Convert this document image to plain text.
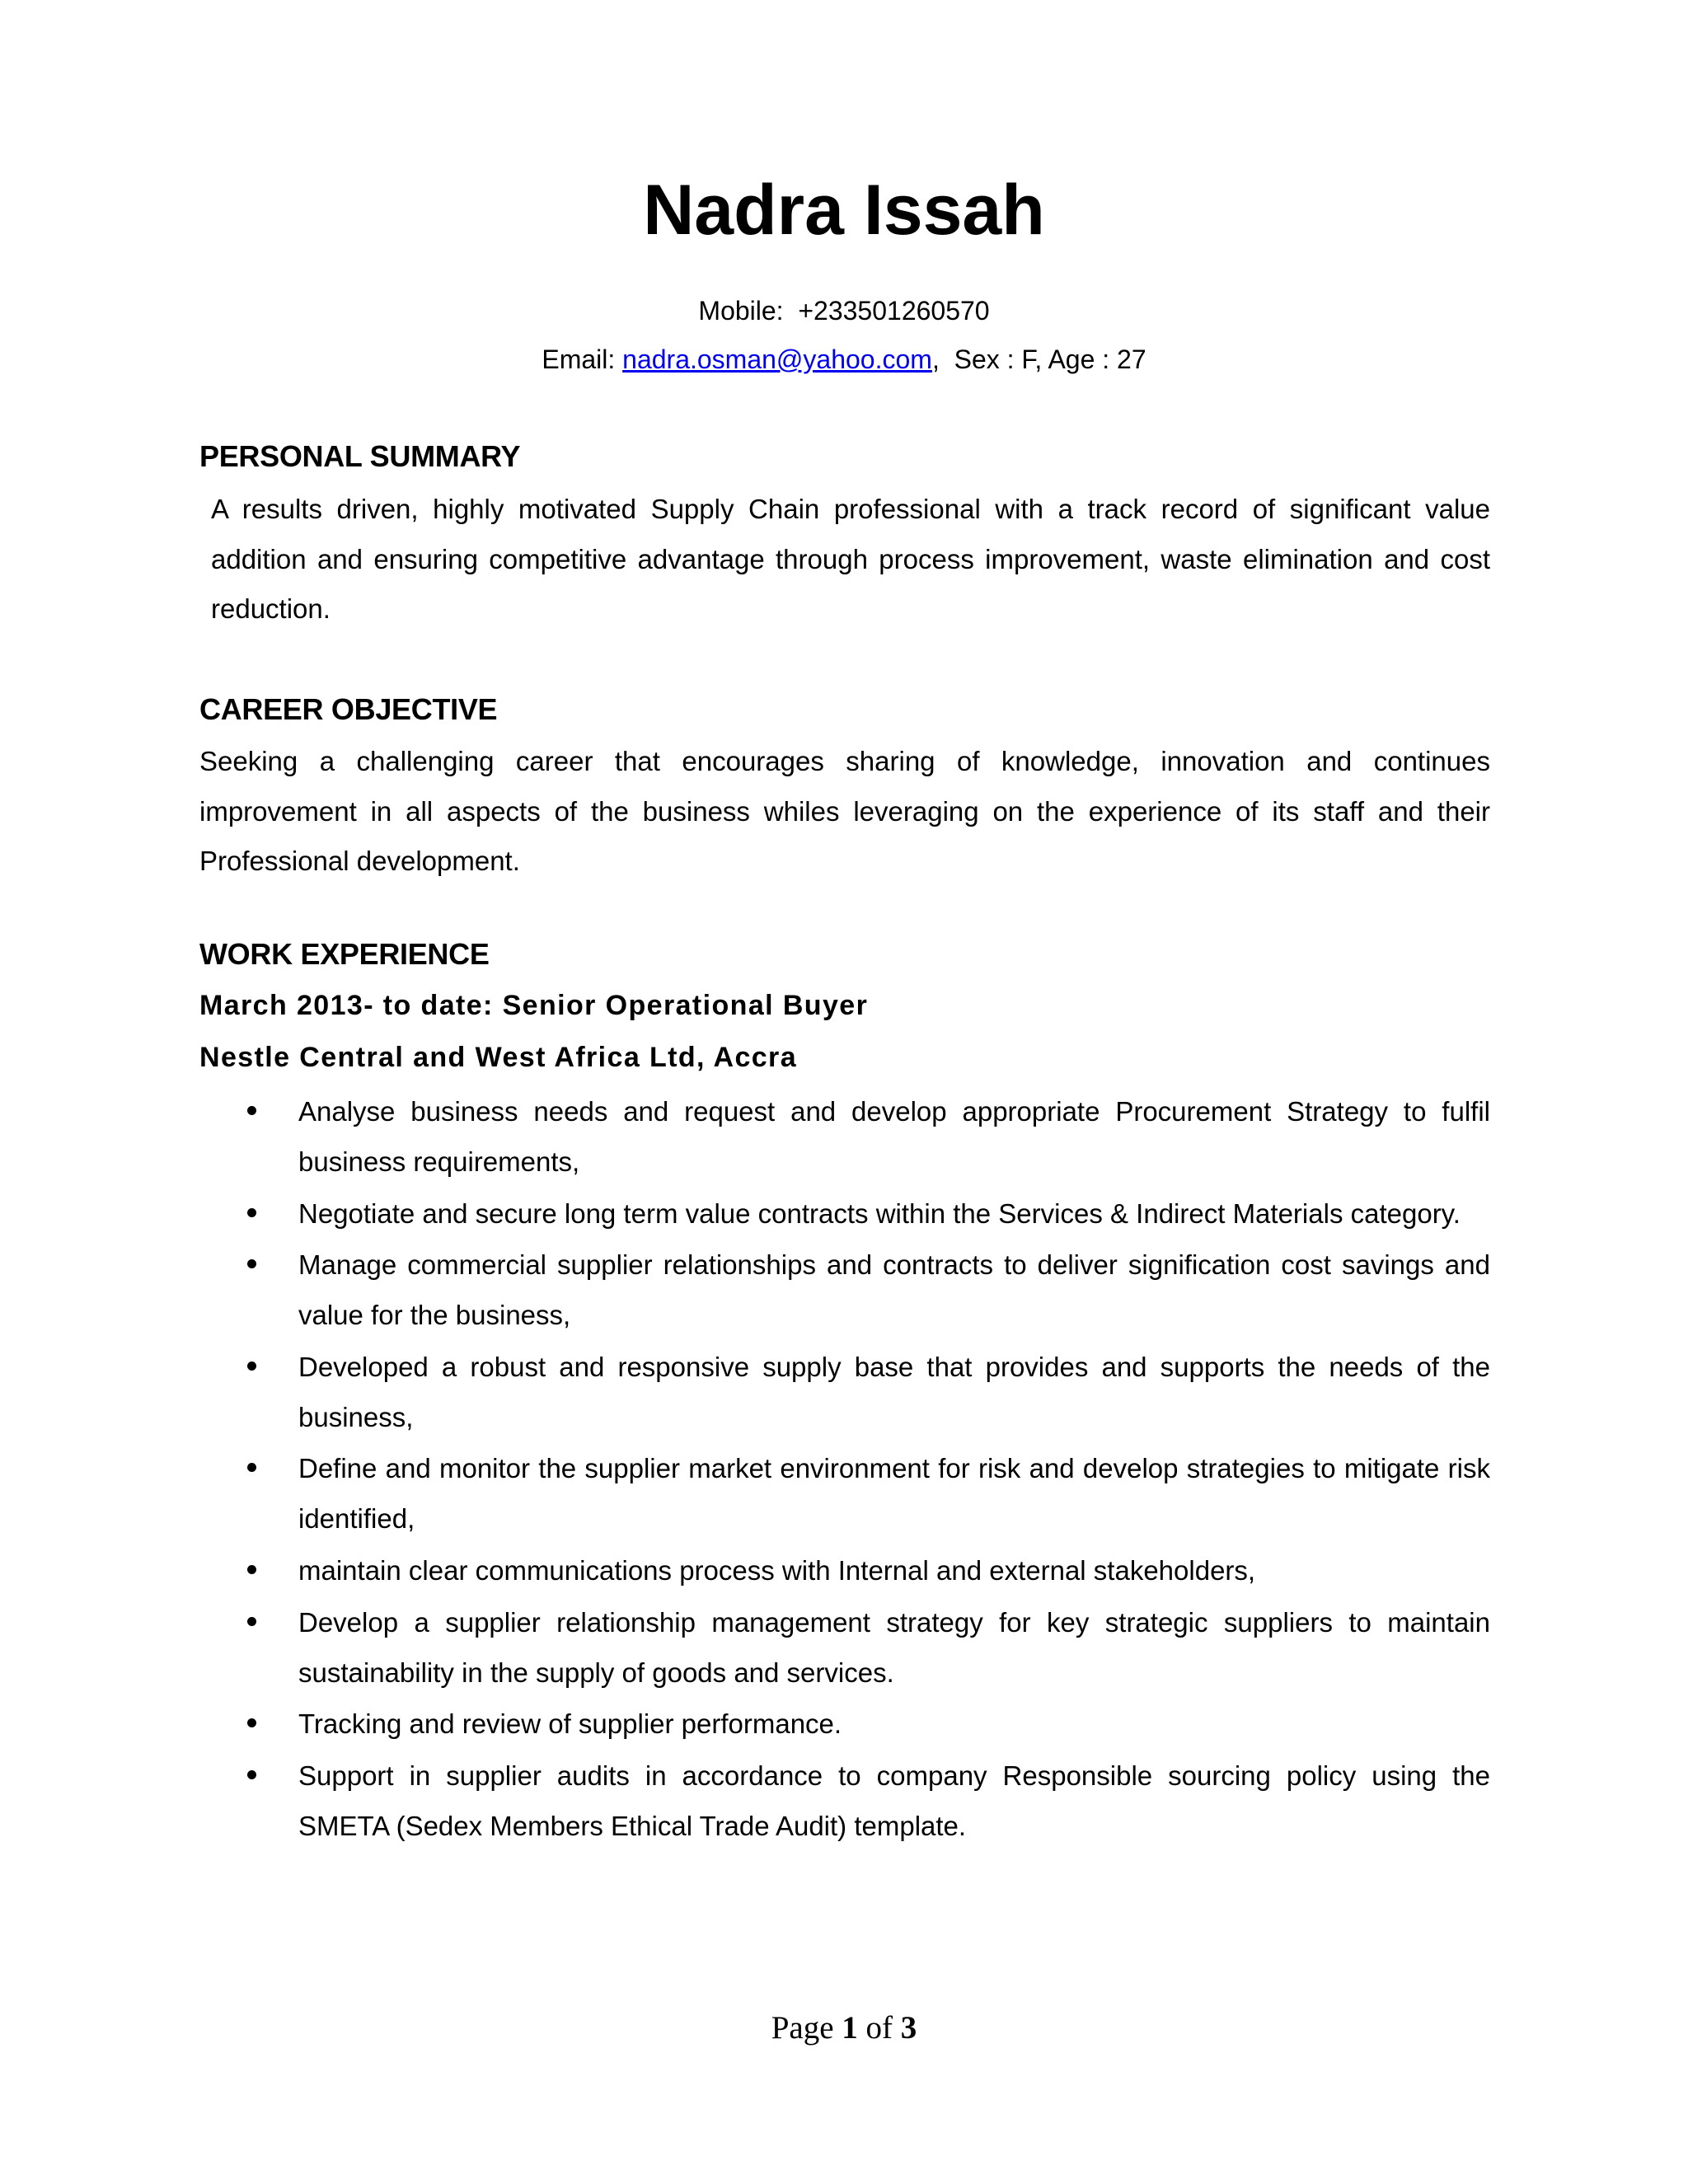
Nadra Issah
Mobile: +233501260570
Email: nadra.osman@yahoo.com, Sex : F, Age : 27
PERSONAL SUMMARY

A results driven, highly motivated Supply Chain professional with a track record of significant value addition and ensuring competitive advantage through process improvement, waste elimination and cost reduction.

CAREER OBJECTIVE

Seeking a challenging career that encourages sharing of knowledge, innovation and continues improvement in all aspects of the business whiles leveraging on the experience of its staff and their Professional development.

WORK EXPERIENCE
March 2013- to date: Senior Operational Buyer
Nestle Central and West Africa Ltd, Accra
Analyse business needs and request and develop appropriate Procurement Strategy to fulfil business requirements,
Negotiate and secure long term value contracts within the Services & Indirect Materials category.
Manage commercial supplier relationships and contracts to deliver signification cost savings and value for the business,
Developed a robust and responsive supply base that provides and supports the needs of the business,
Define and monitor the supplier market environment for risk and develop strategies to mitigate risk identified,
maintain clear communications process with Internal and external stakeholders,
Develop a supplier relationship management strategy for key strategic suppliers to maintain sustainability in the supply of goods and services.
Tracking and review of supplier performance.
Support in supplier audits in accordance to company Responsible sourcing policy using the SMETA (Sedex Members Ethical Trade Audit) template.
Page 1 of 3
